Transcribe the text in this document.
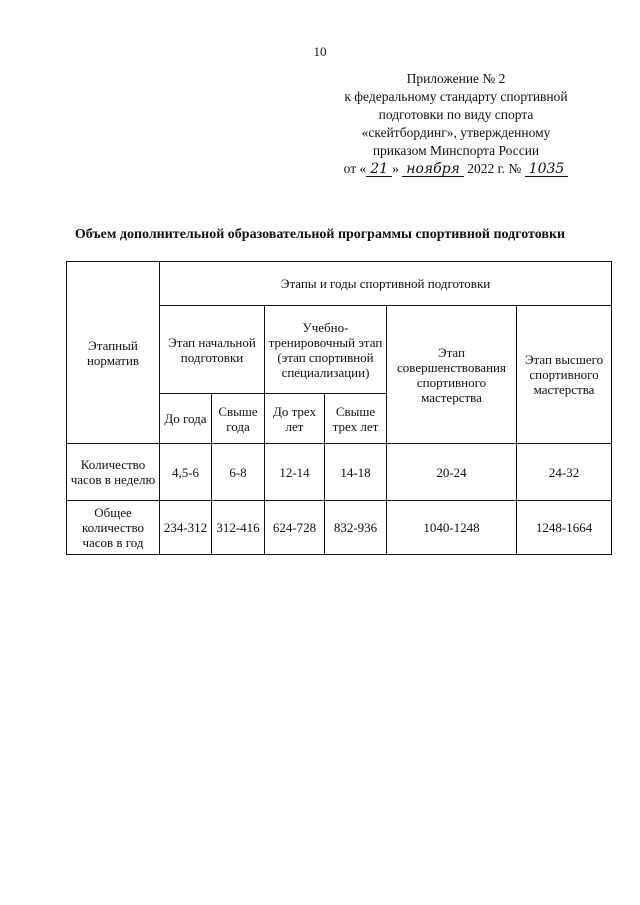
10
Приложение № 2
к федеральному стандарту спортивной
подготовки по виду спорта
«скейтбординг», утвержденному
приказом Минспорта России
от « 21 » ноября 2022 г. № 1035
Объем дополнительной образовательной программы спортивной подготовки
Этапный норматив	Этапы и годы спортивной подготовки					
	Этап начальной подготовки		Учебно-тренировочный этап (этап спортивной специализации)		Этап совершенствования спортивного мастерства	Этап высшего спортивного мастерства
	До года	Свыше года	До трех лет	Свыше трех лет		
Количество часов в неделю	4,5-6	6-8	12-14	14-18	20-24	24-32
Общее количество часов в год	234-312	312-416	624-728	832-936	1040-1248	1248-1664
